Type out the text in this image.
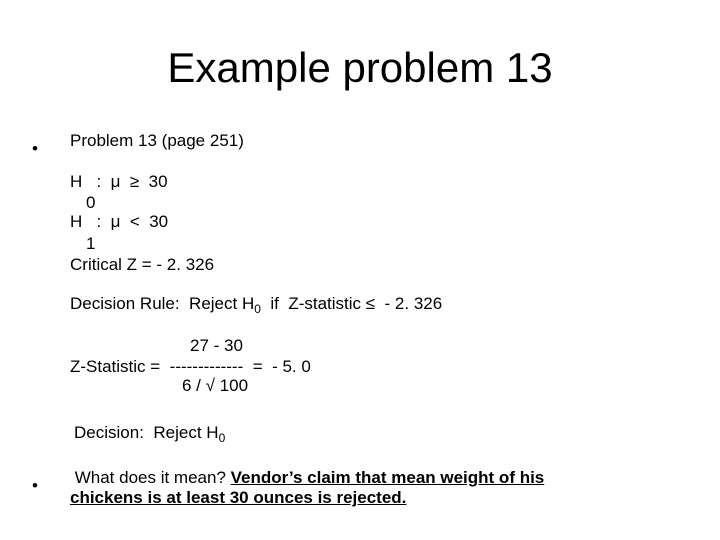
Example problem 13
• Problem 13 (page 251)
H   :  μ  ≥  30
0
H   :  μ  <  30
1
Critical Z = - 2. 326
Decision Rule:  Reject $H_0$  if  Z-statistic ≤  - 2. 326
27 - 30
Z-Statistic =  -------------  =  - 5. 0
6 / √ 100
Decision:  Reject $H_0$
• What does it mean? Vendor’s claim that mean weight of his
chickens is at least 30 ounces is rejected.
